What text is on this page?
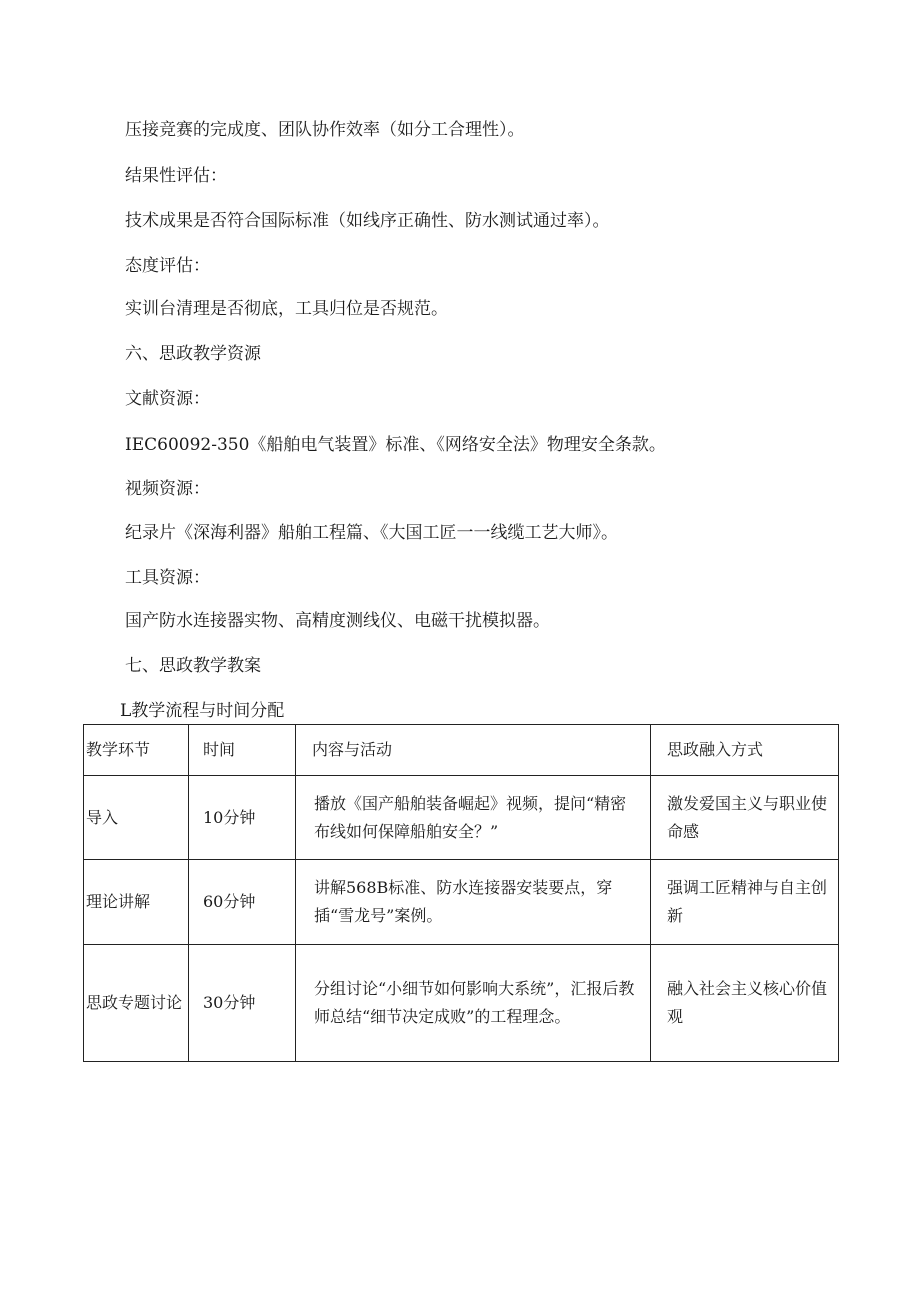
压接竞赛的完成度、团队协作效率（如分工合理性）。

结果性评估：

技术成果是否符合国际标准（如线序正确性、防水测试通过率）。

态度评估：

实训台清理是否彻底，工具归位是否规范。

六、思政教学资源

文献资源：

IEC60092-350《船舶电气装置》标准、《网络安全法》物理安全条款。

视频资源：

纪录片《深海利器》船舶工程篇、《大国工匠一一线缆工艺大师》。

工具资源：

国产防水连接器实物、高精度测线仪、电磁干扰模拟器。

七、思政教学教案

L教学流程与时间分配

教学环节	时间	内容与活动	思政融入方式
导入	10分钟	播放《国产船舶装备崛起》视频，提问“精密布线如何保障船舶安全？”	激发爱国主义与职业使命感
理论讲解	60分钟	讲解568B标准、防水连接器安装要点，穿插“雪龙号”案例。	强调工匠精神与自主创新
思政专题讨论	30分钟	分组讨论“小细节如何影响大系统”，汇报后教师总结“细节决定成败”的工程理念。	融入社会主义核心价值观
